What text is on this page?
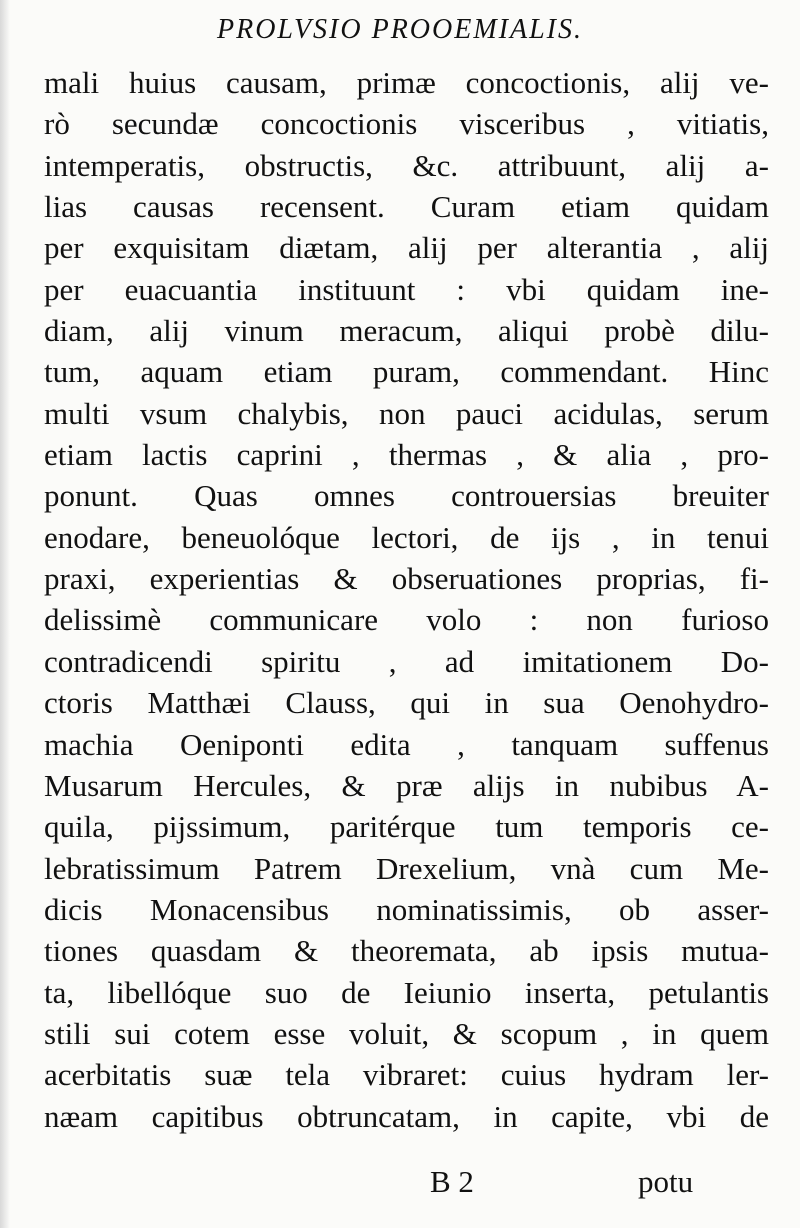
PROLVSIO PROOEMIALIS.
mali huius causam, primæ concoctionis, alij ve-
rò secundæ concoctionis visceribus , vitiatis,
intemperatis, obstructis, &c. attribuunt, alij a-
lias causas recensent. Curam etiam quidam
per exquisitam diætam, alij per alterantia , alij
per euacuantia instituunt : vbi quidam ine-
diam, alij vinum meracum, aliqui probè dilu-
tum, aquam etiam puram, commendant. Hinc
multi vsum chalybis, non pauci acidulas, serum
etiam lactis caprini , thermas , & alia , pro-
ponunt. Quas omnes controuersias breuiter
enodare, beneuolóque lectori, de ijs , in tenui
praxi, experientias & obseruationes proprias, fi-
delissimè communicare volo : non furioso
contradicendi spiritu , ad imitationem Do-
ctoris Matthæi Clauss, qui in sua Oenohydro-
machia Oeniponti edita , tanquam suffenus
Musarum Hercules, & præ alijs in nubibus A-
quila, pijssimum, paritérque tum temporis ce-
lebratissimum Patrem Drexelium, vnà cum Me-
dicis Monacensibus nominatissimis, ob asser-
tiones quasdam & theoremata, ab ipsis mutua-
ta, libellóque suo de Ieiunio inserta, petulantis
stili sui cotem esse voluit, & scopum , in quem
acerbitatis suæ tela vibraret: cuius hydram ler-
næam capitibus obtruncatam, in capite, vbi de
B 2	potu
